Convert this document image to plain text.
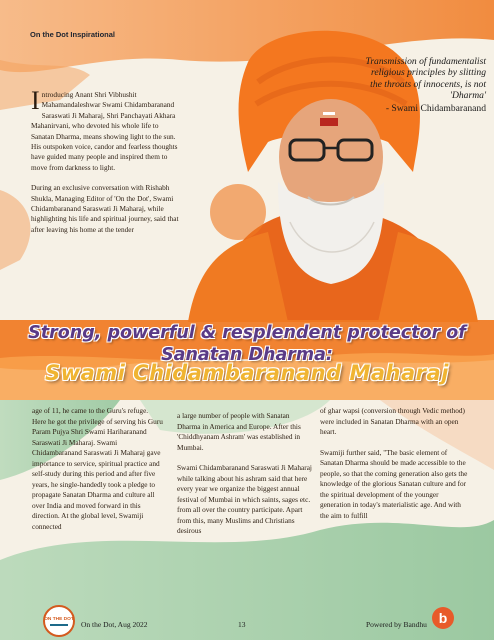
On the Dot Inspirational

Introducing Anant Shri Vibhushit Mahamandaleshwar Swami Chidambaranand Saraswati Ji Maharaj, Shri Panchayati Akhara Mahanirvani, who devoted his whole life to Sanatan Dharma, means showing light to the sun. His outspoken voice, candor and fearless thoughts have guided many people and inspired them to move from darkness to light.

During an exclusive conversation with Rishabh Shukla, Managing Editor of 'On the Dot', Swami Chidambaranand Saraswati Ji Maharaj, while highlighting his life and spiritual journey, said that after leaving his home at the tender

Transmission of fundamentalist religious principles by slitting the throats of innocents, is not 'Dharma'
- Swami Chidambaranand
Strong, powerful & resplendent protector of Sanatan Dharma:
Swami Chidambaranand Maharaj

age of 11, he came to the Guru's refuge. Here he got the privilege of serving his Guru Param Pujya Shri Swami Hariharanand Saraswati Ji Maharaj. Swami Chidambaranand Saraswati Ji Maharaj gave importance to service, spiritual practice and self-study during this period and after five years, he single-handedly took a pledge to propagate Sanatan Dharma and culture all over India and moved forward in this direction. At the global level, Swamiji connected

a large number of people with Sanatan Dharma in America and Europe. After this 'Chiddhyanam Ashram' was established in Mumbai.

Swami Chidambaranand Saraswati Ji Maharaj while talking about his ashram said that here every year we organize the biggest annual festival of Mumbai in which saints, sages etc. from all over the country participate. Apart from this, many Muslims and Christians desirous

of ghar wapsi (conversion through Vedic method) were included in Sanatan Dharma with an open heart.

Swamiji further said, "The basic element of Sanatan Dharma should be made accessible to the people, so that the coming generation also gets the knowledge of the glorious Sanatan culture and for the spiritual development of the younger generation in today's materialistic age. And with the aim to fulfill

ON THE DOT
On the Dot, Aug 2022	13	Powered by Bandhu b
